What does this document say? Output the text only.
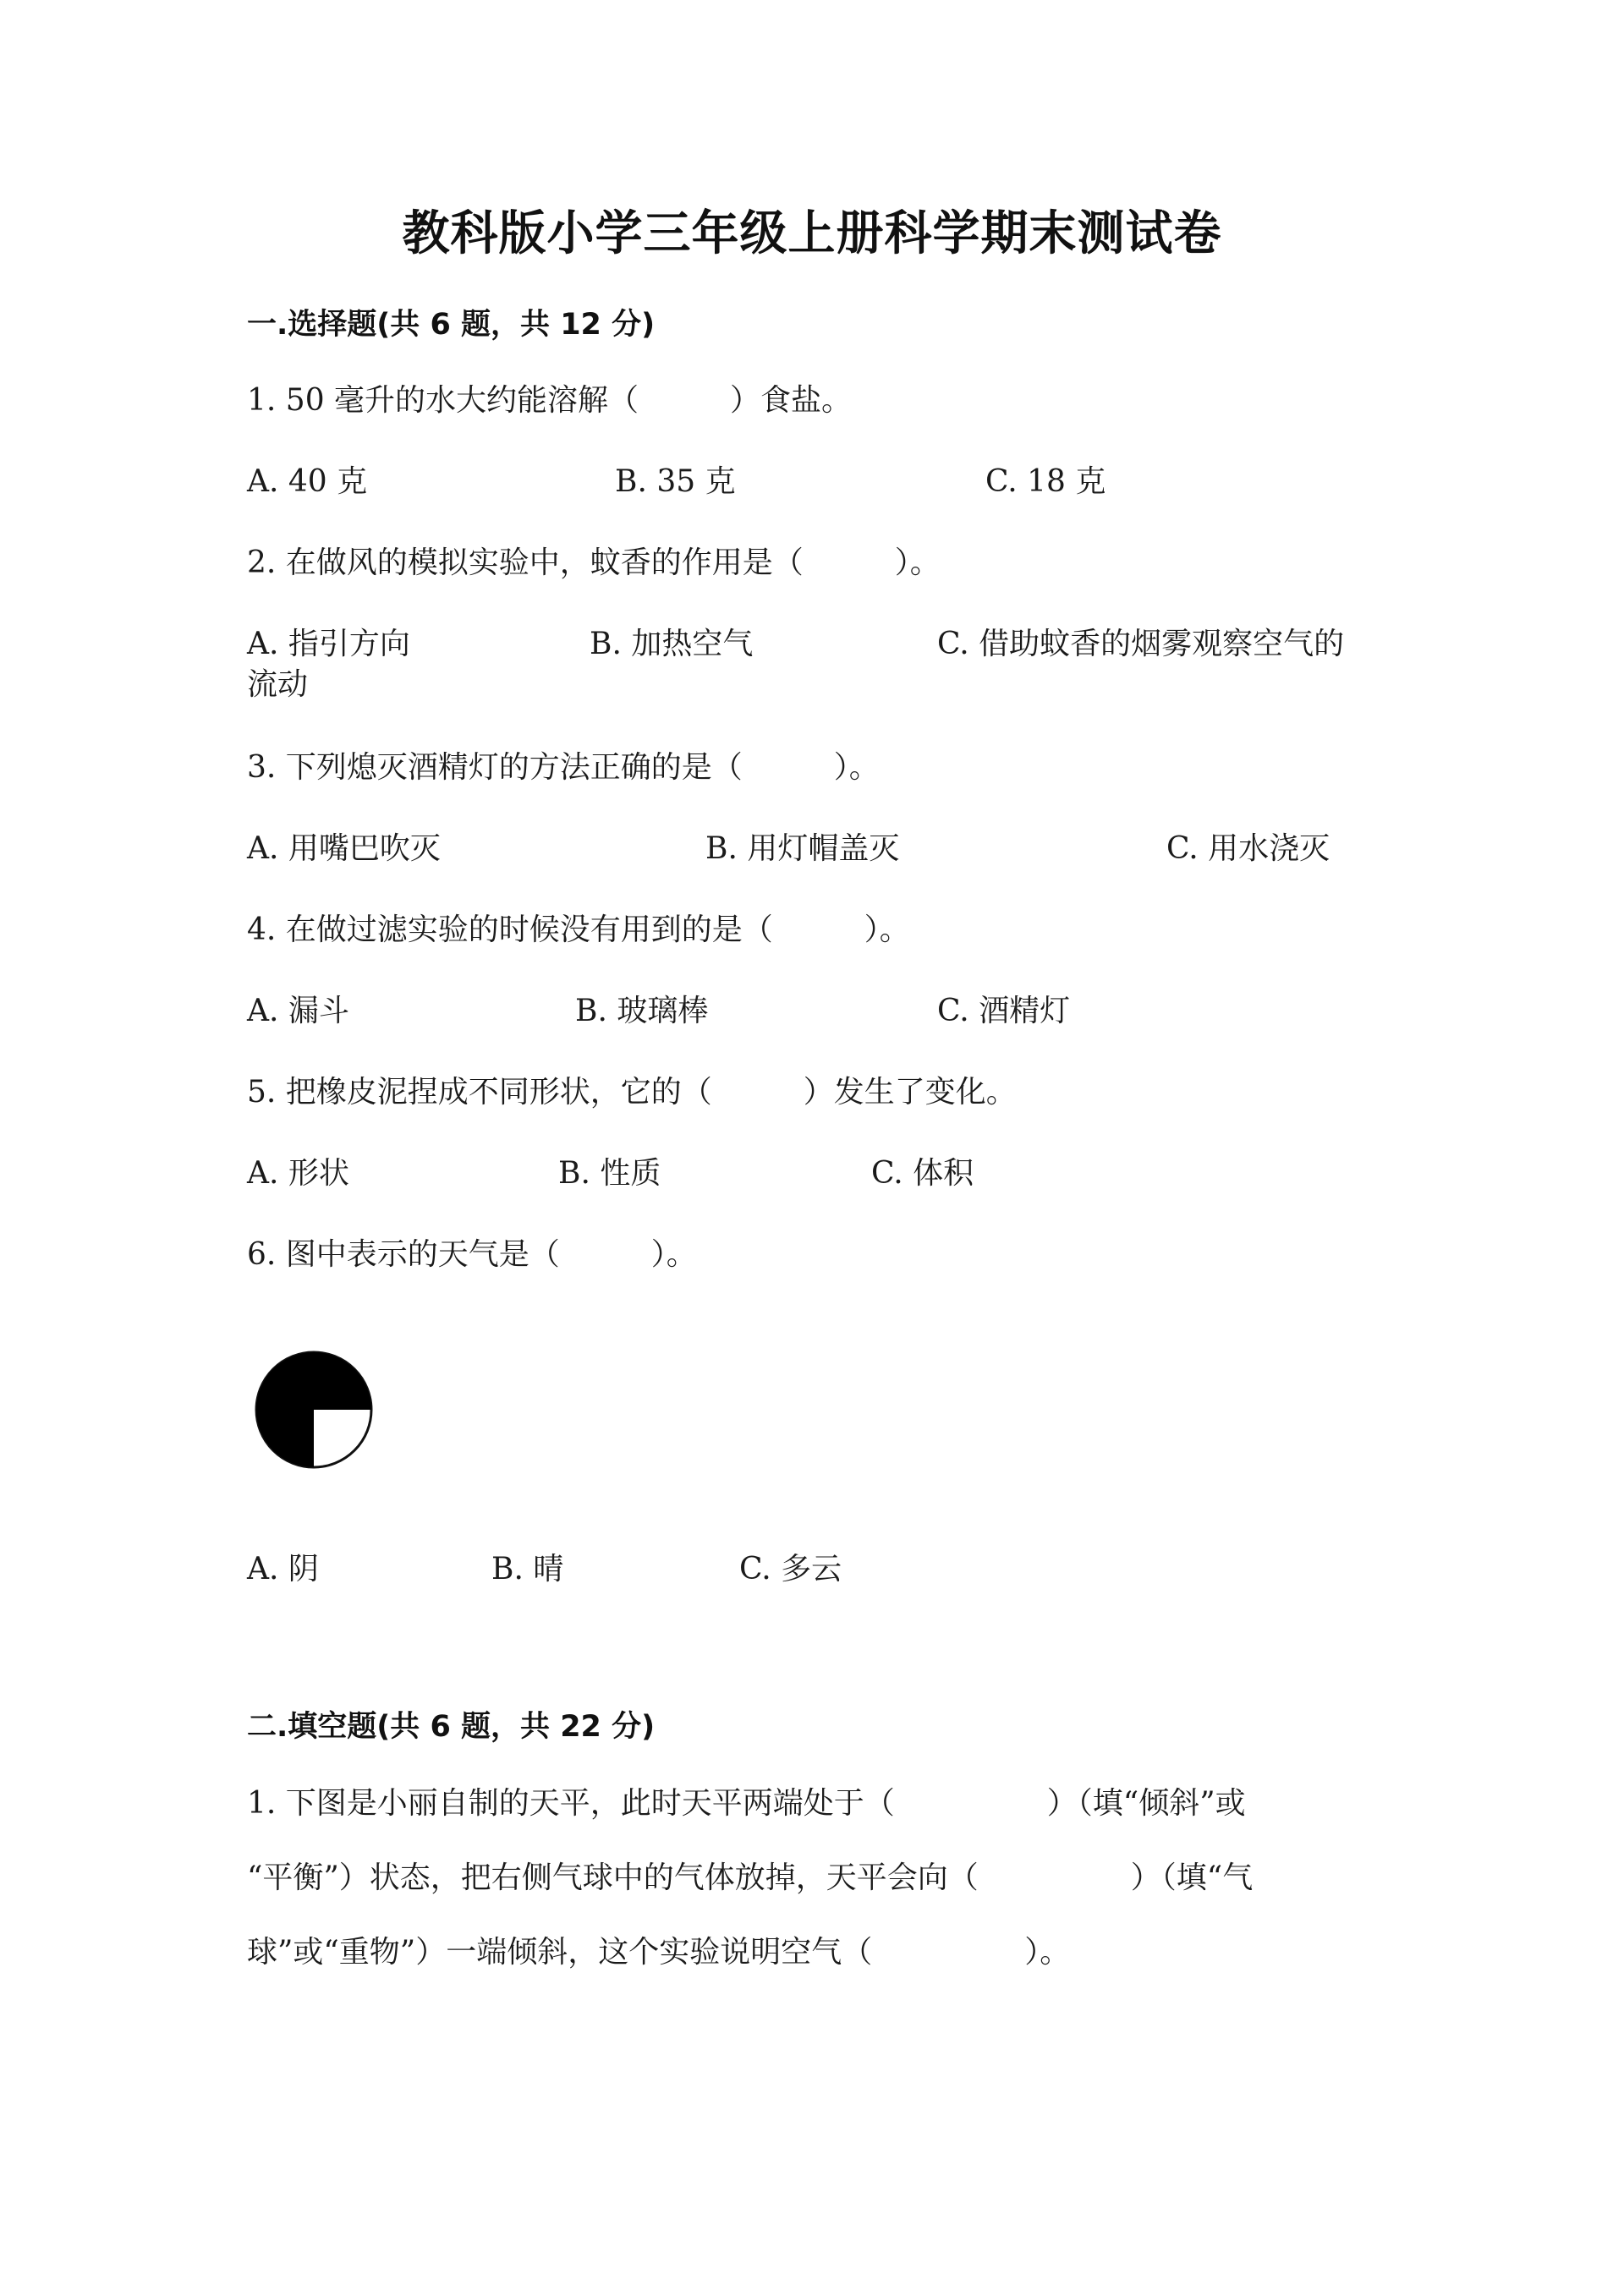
教科版小学三年级上册科学期末测试卷
一.选择题(共 6 题，共 12 分)
1. 50 毫升的水大约能溶解（　　　）食盐。
A. 40 克	B. 35 克	C. 18 克
2. 在做风的模拟实验中，蚊香的作用是（　　　）。
A. 指引方向	B. 加热空气	C. 借助蚊香的烟雾观察空气的
流动
3. 下列熄灭酒精灯的方法正确的是（　　　）。
A. 用嘴巴吹灭	B. 用灯帽盖灭	C. 用水浇灭
4. 在做过滤实验的时候没有用到的是（　　　）。
A. 漏斗	B. 玻璃棒	C. 酒精灯
5. 把橡皮泥捏成不同形状，它的（　　　）发生了变化。
A. 形状	B. 性质	C. 体积
6. 图中表示的天气是（　　　）。
A. 阴	B. 晴	C. 多云
二.填空题(共 6 题，共 22 分)
1. 下图是小丽自制的天平，此时天平两端处于（　　　　　）（填“倾斜”或
“平衡”）状态，把右侧气球中的气体放掉，天平会向（　　　　　）（填“气
球”或“重物”）一端倾斜，这个实验说明空气（　　　　　）。
